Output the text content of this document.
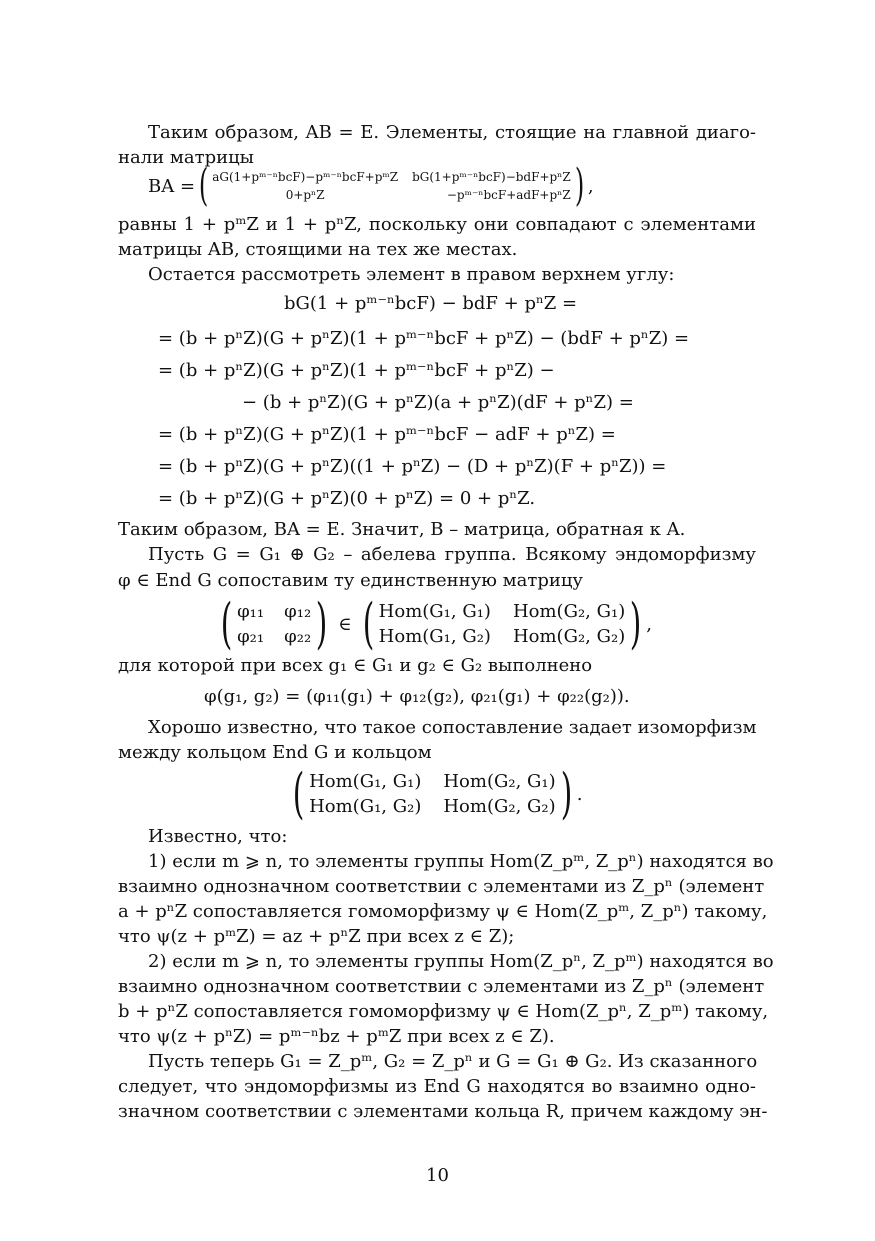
Таким образом, AB = E. Элементы, стоящие на главной диаго-
нали матрицы
BA = ( aG(1+pᵐ⁻ⁿbcF)−pᵐ⁻ⁿbcF+pᵐZ bG(1+pᵐ⁻ⁿbcF)−bdF+pⁿZ
0+pⁿZ	−pᵐ⁻ⁿbcF+adF+pⁿZ ) ,
равны 1 + pᵐZ и 1 + pⁿZ, поскольку они совпадают с элементами
матрицы AB, стоящими на тех же местах.
Остается рассмотреть элемент в правом верхнем углу:
bG(1 + pᵐ⁻ⁿbcF) − bdF + pⁿZ =
= (b + pⁿZ)(G + pⁿZ)(1 + pᵐ⁻ⁿbcF + pⁿZ) − (bdF + pⁿZ) =
= (b + pⁿZ)(G + pⁿZ)(1 + pᵐ⁻ⁿbcF + pⁿZ) −
− (b + pⁿZ)(G + pⁿZ)(a + pⁿZ)(dF + pⁿZ) =
= (b + pⁿZ)(G + pⁿZ)(1 + pᵐ⁻ⁿbcF − adF + pⁿZ) =
= (b + pⁿZ)(G + pⁿZ)((1 + pⁿZ) − (D + pⁿZ)(F + pⁿZ)) =
= (b + pⁿZ)(G + pⁿZ)(0 + pⁿZ) = 0 + pⁿZ.
Таким образом, BA = E. Значит, B – матрица, обратная к A.
Пусть G = G₁ ⊕ G₂ – абелева группа. Всякому эндоморфизму
φ ∈ End G сопоставим ту единственную матрицу
( φ₁₁ φ₁₂
φ₂₁ φ₂₂ ) ∈ ( Hom(G₁, G₁) Hom(G₂, G₁)
Hom(G₁, G₂) Hom(G₂, G₂) ) ,
для которой при всех g₁ ∈ G₁ и g₂ ∈ G₂ выполнено
φ(g₁, g₂) = (φ₁₁(g₁) + φ₁₂(g₂), φ₂₁(g₁) + φ₂₂(g₂)).
Хорошо известно, что такое сопоставление задает изоморфизм
между кольцом End G и кольцом
( Hom(G₁, G₁) Hom(G₂, G₁)
Hom(G₁, G₂) Hom(G₂, G₂) ) .
Известно, что:
1) если m ⩾ n, то элементы группы Hom(Z_pᵐ, Z_pⁿ) находятся во
взаимно однозначном соответствии с элементами из Z_pⁿ (элемент
a + pⁿZ сопоставляется гомоморфизму ψ ∈ Hom(Z_pᵐ, Z_pⁿ) такому,
что ψ(z + pᵐZ) = az + pⁿZ при всех z ∈ Z);
2) если m ⩾ n, то элементы группы Hom(Z_pⁿ, Z_pᵐ) находятся во
взаимно однозначном соответствии с элементами из Z_pⁿ (элемент
b + pⁿZ сопоставляется гомоморфизму ψ ∈ Hom(Z_pⁿ, Z_pᵐ) такому,
что ψ(z + pⁿZ) = pᵐ⁻ⁿbz + pᵐZ при всех z ∈ Z).
Пусть теперь G₁ = Z_pᵐ, G₂ = Z_pⁿ и G = G₁ ⊕ G₂. Из сказанного
следует, что эндоморфизмы из End G находятся во взаимно одно-
значном соответствии с элементами кольца R, причем каждому эн-
10
